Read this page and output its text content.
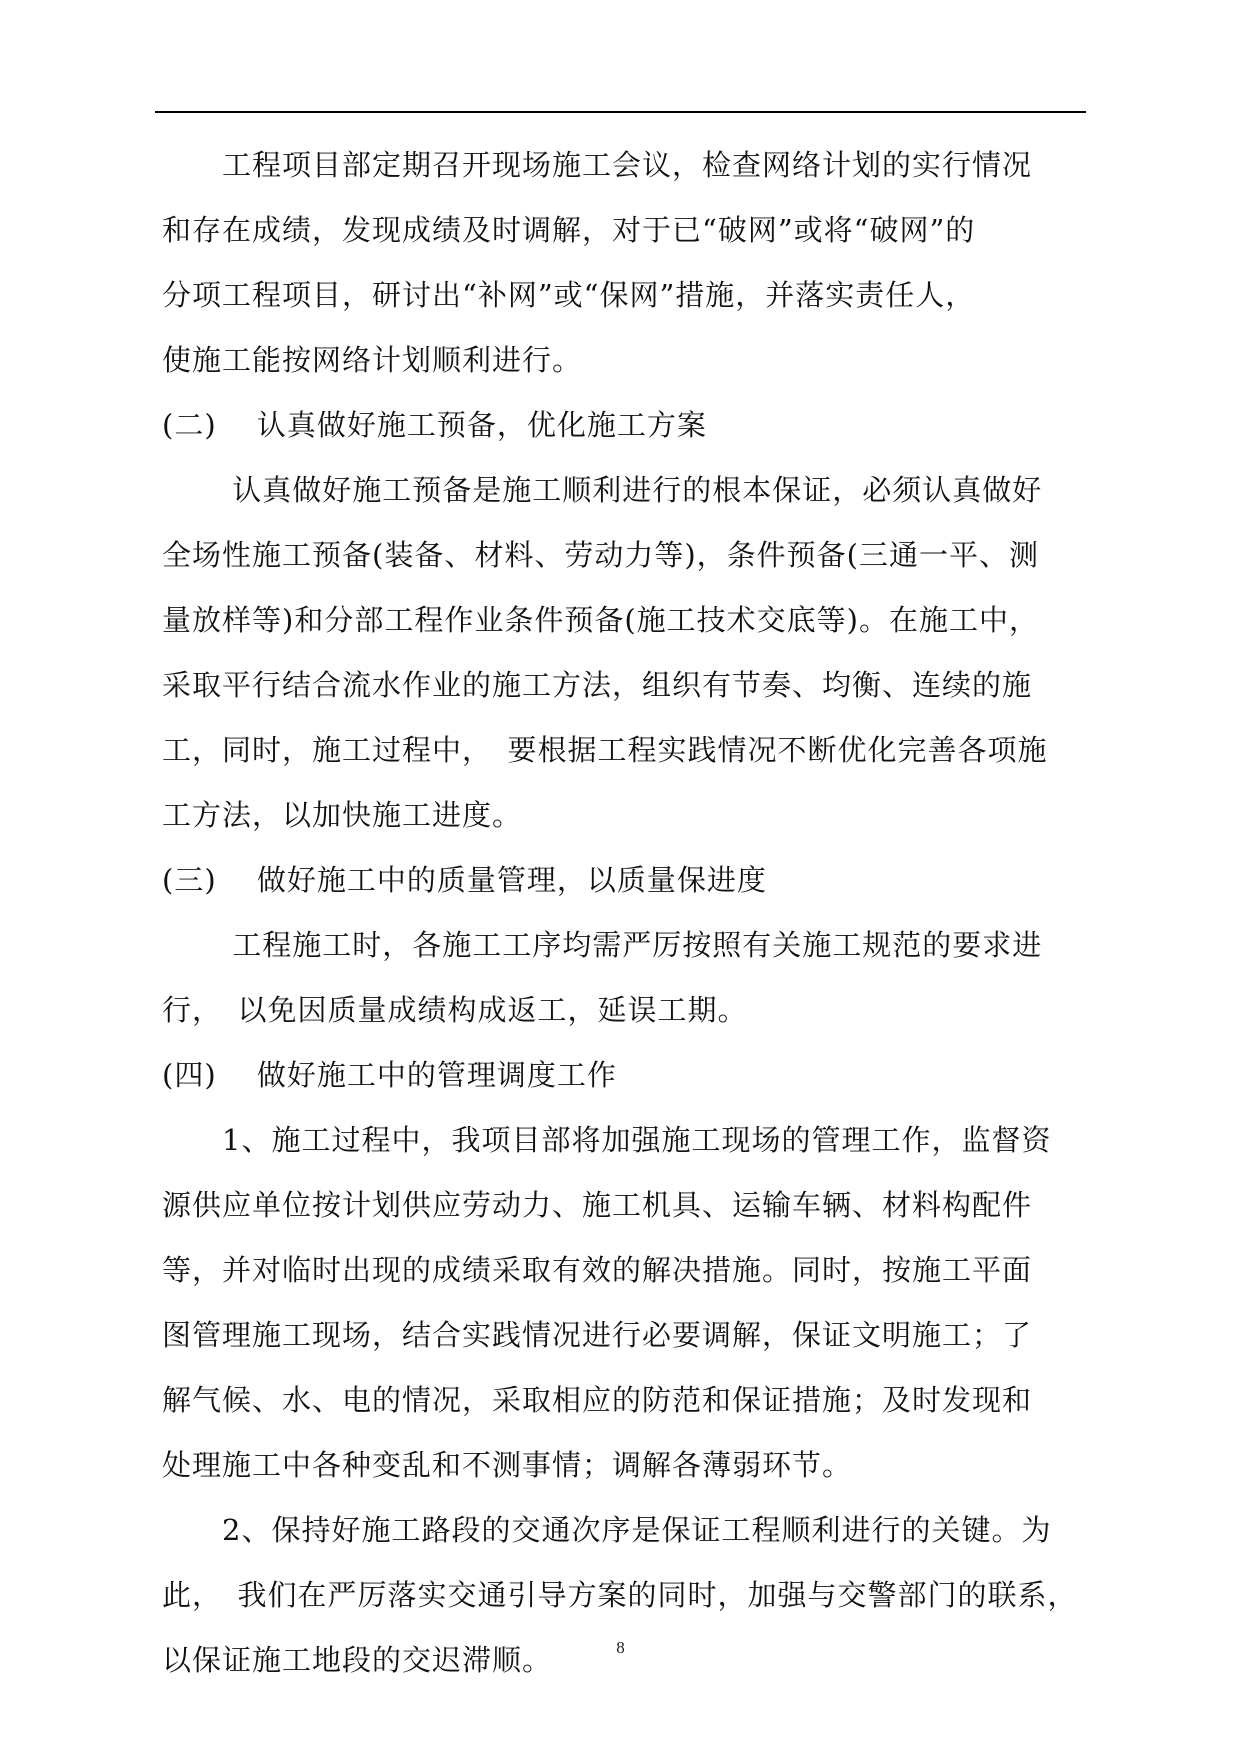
　　工程项目部定期召开现场施工会议，检查网络计划的实行情况
和存在成绩，发现成绩及时调解，对于已“破网”或将“破网”的
分项工程项目，研讨出“补网”或“保网”措施，并落实责任人，
使施工能按网络计划顺利进行。
(二)　 认真做好施工预备，优化施工方案
　　 认真做好施工预备是施工顺利进行的根本保证，必须认真做好
全场性施工预备(装备、材料、劳动力等)，条件预备(三通一平、测
量放样等)和分部工程作业条件预备(施工技术交底等)。在施工中，
采取平行结合流水作业的施工方法，组织有节奏、均衡、连续的施
工，同时，施工过程中，　要根据工程实践情况不断优化完善各项施
工方法，以加快施工进度。
(三)　 做好施工中的质量管理，以质量保进度
　　 工程施工时，各施工工序均需严厉按照有关施工规范的要求进
行，　以免因质量成绩构成返工，延误工期。
(四)　 做好施工中的管理调度工作
　　1、施工过程中，我项目部将加强施工现场的管理工作，监督资
源供应单位按计划供应劳动力、施工机具、运输车辆、材料构配件
等，并对临时出现的成绩采取有效的解决措施。同时，按施工平面
图管理施工现场，结合实践情况进行必要调解，保证文明施工；了
解气候、水、电的情况，采取相应的防范和保证措施；及时发现和
处理施工中各种变乱和不测事情；调解各薄弱环节。
　　2、保持好施工路段的交通次序是保证工程顺利进行的关键。为
此，　我们在严厉落实交通引导方案的同时，加强与交警部门的联系，
以保证施工地段的交迟滞顺。	8
